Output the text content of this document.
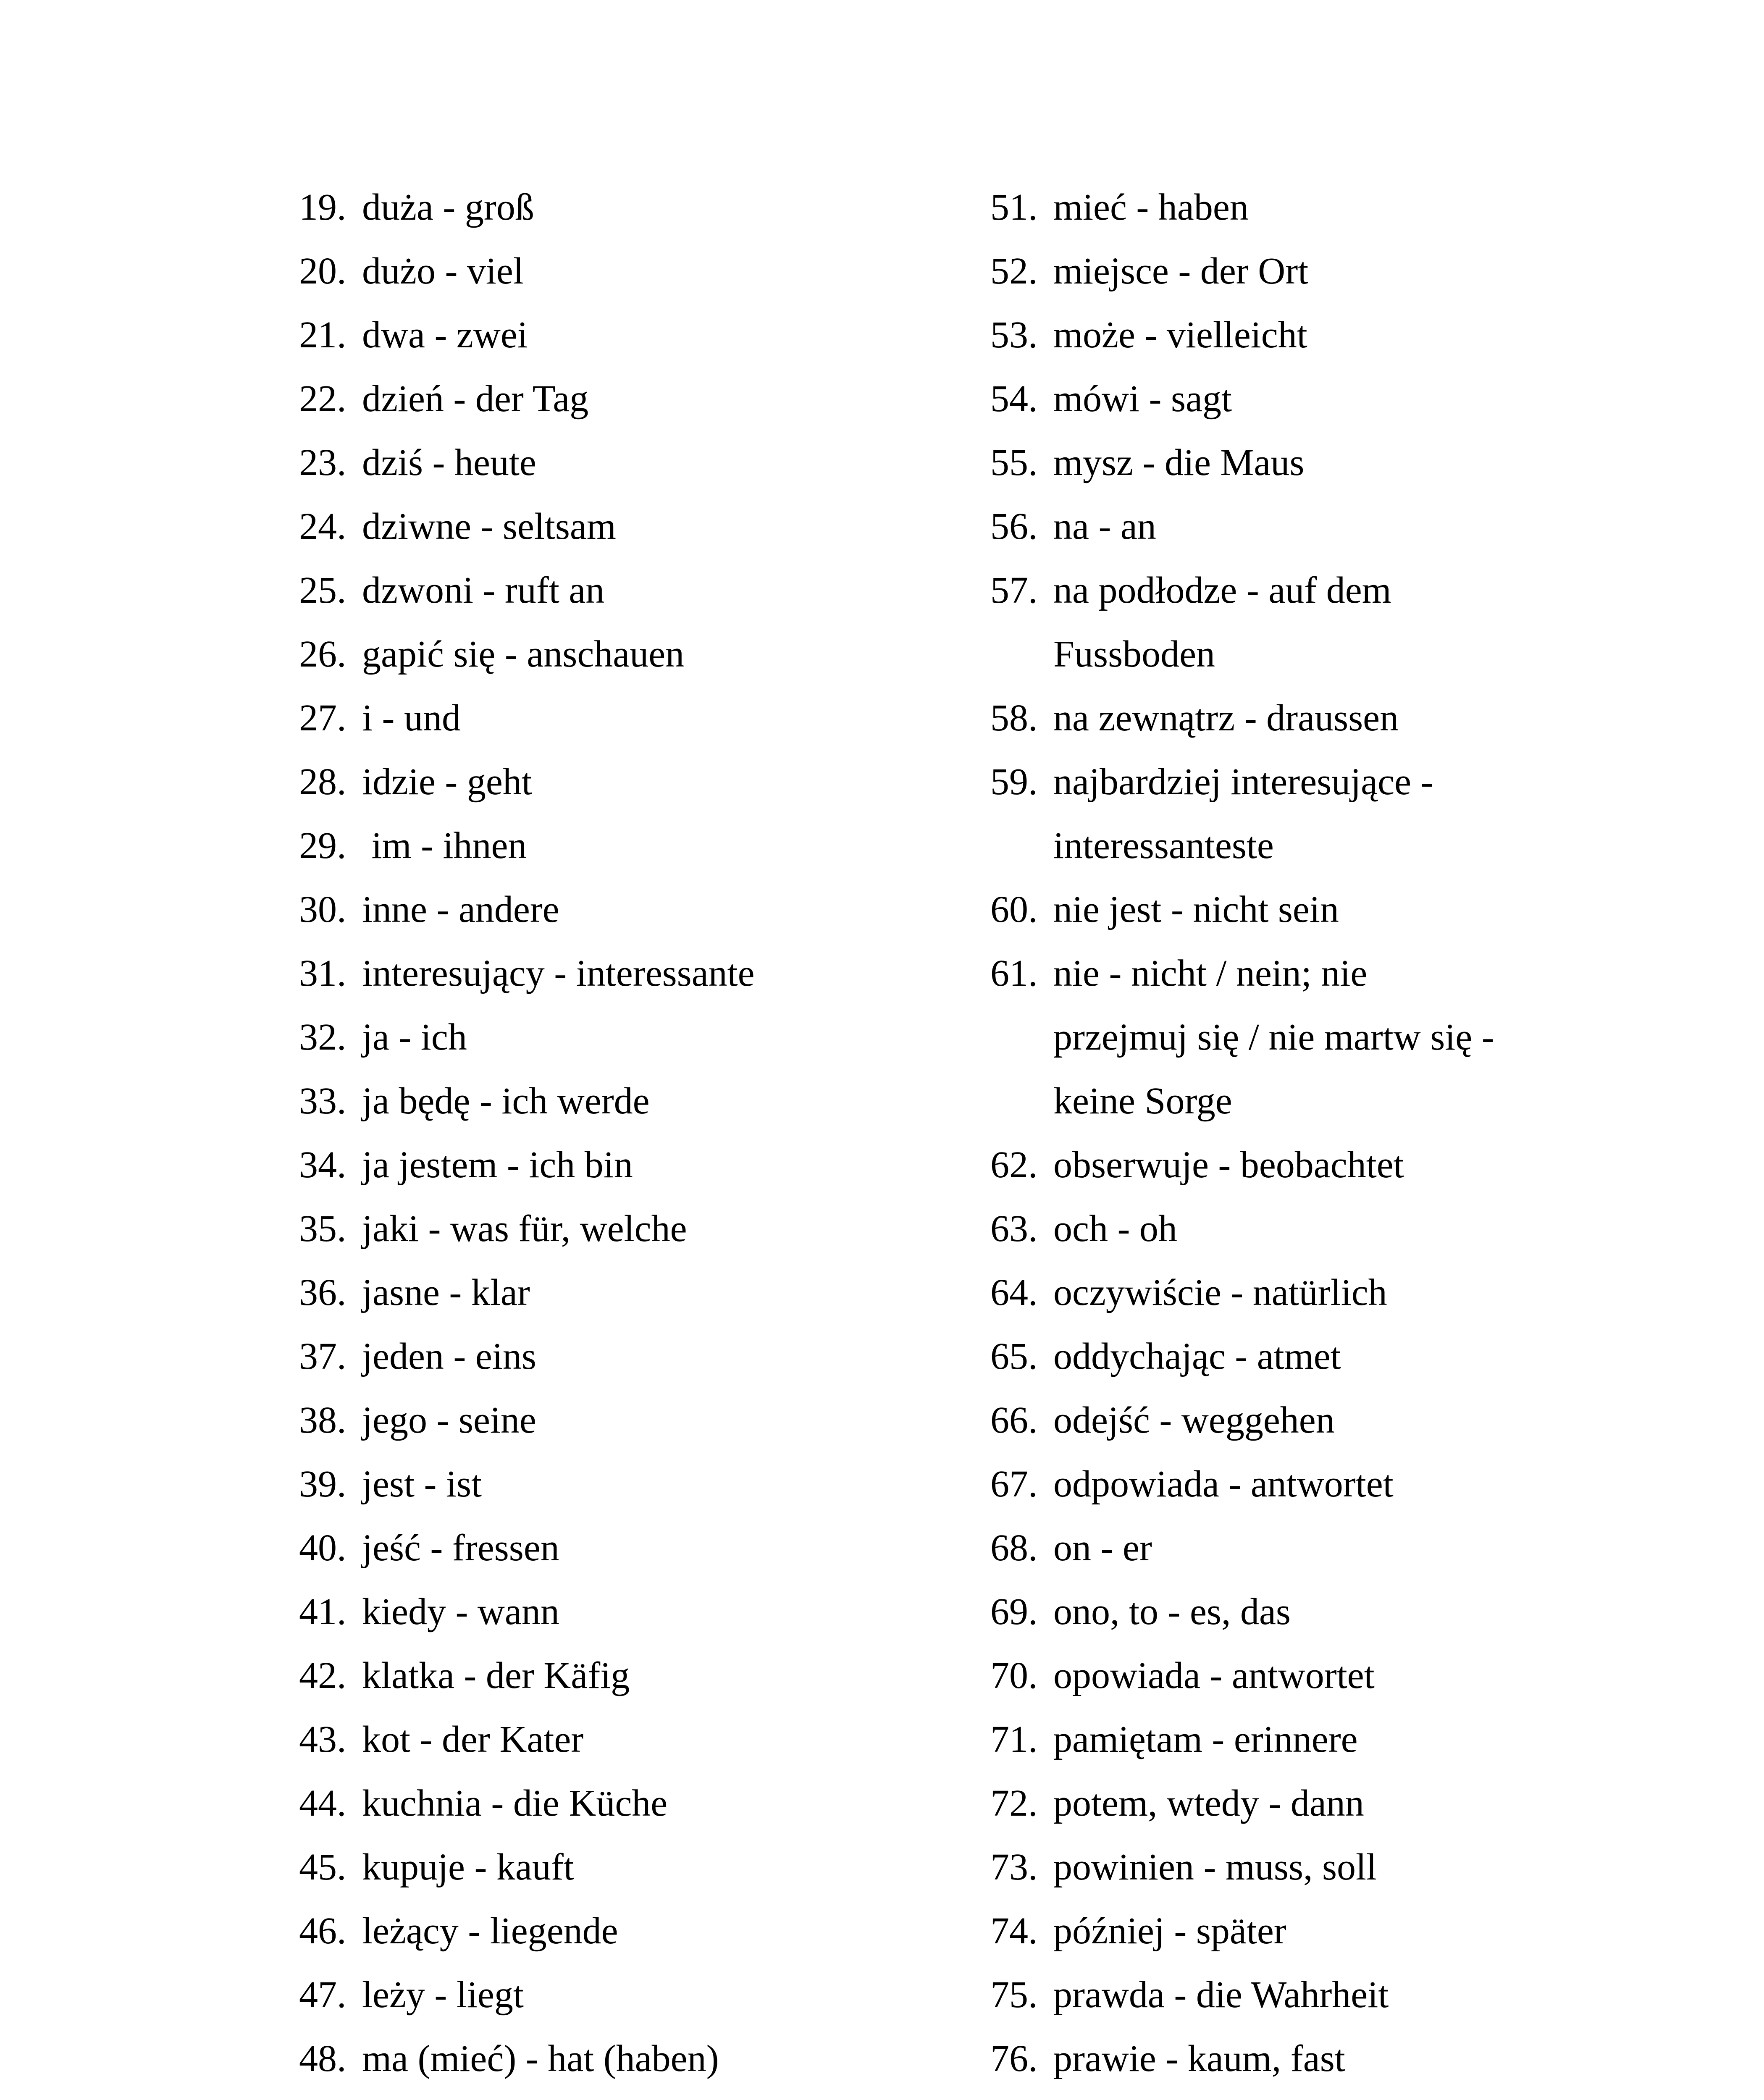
19. duża - groß
20. dużo - viel
21. dwa - zwei
22. dzień - der Tag
23. dziś - heute
24. dziwne - seltsam
25. dzwoni - ruft an
26. gapić się - anschauen
27. i - und
28. idzie - geht
29. im - ihnen
30. inne - andere
31. interesujący - interessante
32. ja - ich
33. ja będę - ich werde
34. ja jestem - ich bin
35. jaki - was für, welche
36. jasne - klar
37. jeden - eins
38. jego - seine
39. jest - ist
40. jeść - fressen
41. kiedy - wann
42. klatka - der Käfig
43. kot - der Kater
44. kuchnia - die Küche
45. kupuje - kauft
46. leżący - liegende
47. leży - liegt
48. ma (mieć) - hat (haben)
51. mieć - haben
52. miejsce - der Ort
53. może - vielleicht
54. mówi - sagt
55. mysz - die Maus
56. na - an
57. na podłodze - auf dem
Fussboden
58. na zewnątrz - draussen
59. najbardziej interesujące -
interessanteste
60. nie jest - nicht sein
61. nie - nicht / nein; nie
przejmuj się / nie martw się -
keine Sorge
62. obserwuje - beobachtet
63. och - oh
64. oczywiście - natürlich
65. oddychając - atmet
66. odejść - weggehen
67. odpowiada - antwortet
68. on - er
69. ono, to - es, das
70. opowiada - antwortet
71. pamiętam - erinnere
72. potem, wtedy - dann
73. powinien - muss, soll
74. później - später
75. prawda - die Wahrheit
76. prawie - kaum, fast
